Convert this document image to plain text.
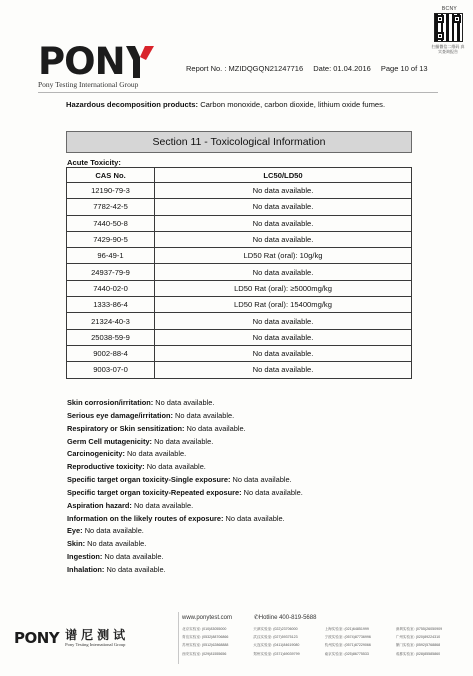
BCNY
扫描微信二维码 真实查询报告
PON
Pony Testing International Group
Report No. : MZIDQGQN21247716 Date: 01.04.2016 Page 10 of 13
Hazardous decomposition products: Carbon monoxide, carbon dioxide, lithium oxide fumes.
Section 11 - Toxicological Information
Acute Toxicity:
CAS No.	LC50/LD50
12190-79-3	No data available.
7782-42-5	No data available.
7440-50-8	No data available.
7429-90-5	No data available.
96-49-1	LD50 Rat (oral): 10g/kg
24937-79-9	No data available.
7440-02-0	LD50 Rat (oral): ≥5000mg/kg
1333-86-4	LD50 Rat (oral): 15400mg/kg
21324-40-3	No data available.
25038-59-9	No data available.
9002-88-4	No data available.
9003-07-0	No data available.
Skin corrosion/irritation: No data available.
Serious eye damage/irritation: No data available.
Respiratory or Skin sensitization: No data available.
Germ Cell mutagenicity: No data available.
Carcinogenicity: No data available.
Reproductive toxicity: No data available.
Specific target organ toxicity-Single exposure: No data available.
Specific target organ toxicity-Repeated exposure: No data available.
Aspiration hazard: No data available.
Information on the likely routes of exposure: No data available.
Eye: No data available.
Skin: No data available.
Ingestion: No data available.
Inhalation: No data available.
PONY 谱尼测试
Pony Testing International Group
www.ponytest.com	✆Hotline 400-819-5688
北京实验室: (010)83055000	天津实验室: (022)23706000	上海实验室: (021)64851999	深圳实验室: (0755)26050909
青岛实验室: (0532)88706866	武汉实验室: (027)59375123	宁波实验室: (0574)87736996	广州实验室: (020)89224310
苏州实验室: (0512)62868888	大连实验室: (0411)84619080	杭州实验室: (0571)87229066	厦门实验室: (0592)5768868
西安实验室: (029)81555656	郑州实验室: (0371)69039799	南京实验室: (025)86775533	成都实验室: (028)85585860
